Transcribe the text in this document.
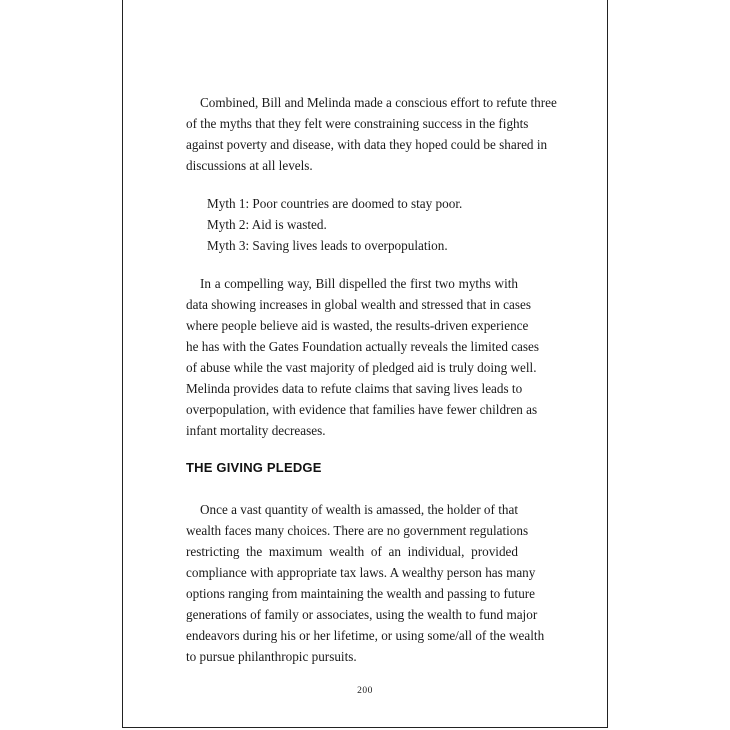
Combined, Bill and Melinda made a conscious effort to refute three
of the myths that they felt were constraining success in the fights
against poverty and disease, with data they hoped could be shared in
discussions at all levels.
Myth 1: Poor countries are doomed to stay poor.
Myth 2: Aid is wasted.
Myth 3: Saving lives leads to overpopulation.
In a compelling way, Bill dispelled the first two myths with
data showing increases in global wealth and stressed that in cases
where people believe aid is wasted, the results-driven experience
he has with the Gates Foundation actually reveals the limited cases
of abuse while the vast majority of pledged aid is truly doing well.
Melinda provides data to refute claims that saving lives leads to
overpopulation, with evidence that families have fewer children as
infant mortality decreases.
THE GIVING PLEDGE
Once a vast quantity of wealth is amassed, the holder of that
wealth faces many choices. There are no government regulations
restricting the maximum wealth of an individual, provided
compliance with appropriate tax laws. A wealthy person has many
options ranging from maintaining the wealth and passing to future
generations of family or associates, using the wealth to fund major
endeavors during his or her lifetime, or using some/all of the wealth
to pursue philanthropic pursuits.
200
